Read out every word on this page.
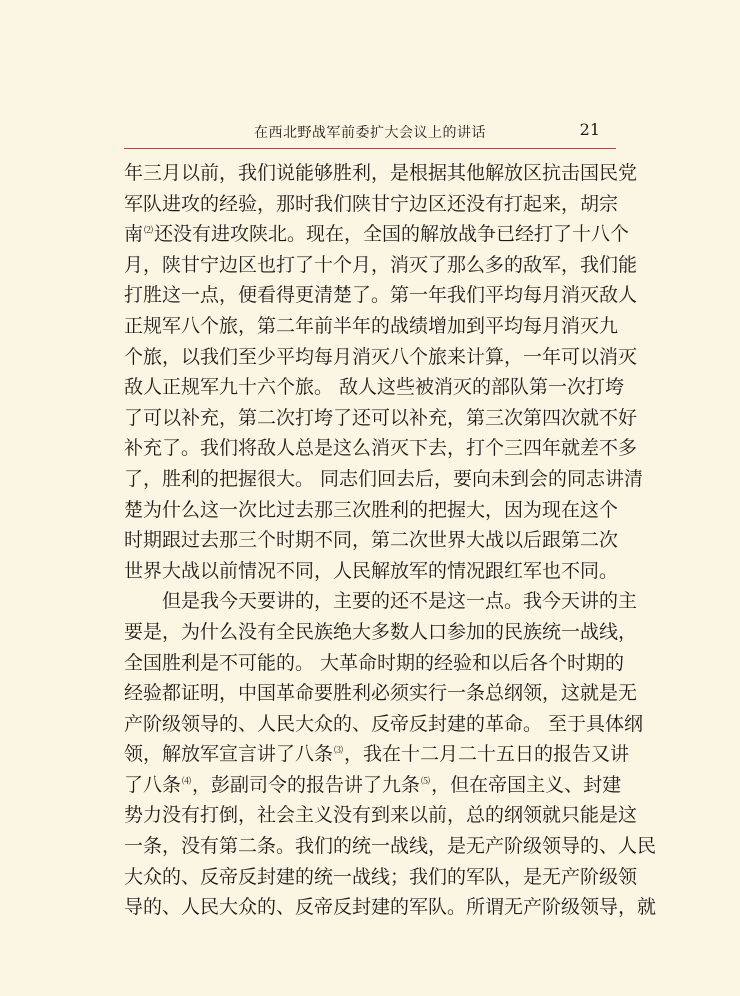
在西北野战军前委扩大会议上的讲话	21
年三月以前，我们说能够胜利，是根据其他解放区抗击国民党
军队进攻的经验，那时我们陕甘宁边区还没有打起来，胡宗
南⑵还没有进攻陕北。现在，全国的解放战争已经打了十八个
月，陕甘宁边区也打了十个月，消灭了那么多的敌军，我们能
打胜这一点，便看得更清楚了。第一年我们平均每月消灭敌人
正规军八个旅，第二年前半年的战绩增加到平均每月消灭九
个旅，以我们至少平均每月消灭八个旅来计算，一年可以消灭
敌人正规军九十六个旅。 敌人这些被消灭的部队第一次打垮
了可以补充，第二次打垮了还可以补充，第三次第四次就不好
补充了。我们将敌人总是这么消灭下去，打个三四年就差不多
了，胜利的把握很大。 同志们回去后，要向未到会的同志讲清
楚为什么这一次比过去那三次胜利的把握大，因为现在这个
时期跟过去那三个时期不同，第二次世界大战以后跟第二次
世界大战以前情况不同，人民解放军的情况跟红军也不同。
但是我今天要讲的，主要的还不是这一点。我今天讲的主
要是，为什么没有全民族绝大多数人口参加的民族统一战线，
全国胜利是不可能的。 大革命时期的经验和以后各个时期的
经验都证明，中国革命要胜利必须实行一条总纲领，这就是无
产阶级领导的、人民大众的、反帝反封建的革命。 至于具体纲
领，解放军宣言讲了八条⑶，我在十二月二十五日的报告又讲
了八条⑷，彭副司令的报告讲了九条⑸，但在帝国主义、封建
势力没有打倒，社会主义没有到来以前，总的纲领就只能是这
一条，没有第二条。我们的统一战线，是无产阶级领导的、人民
大众的、反帝反封建的统一战线；我们的军队，是无产阶级领
导的、人民大众的、反帝反封建的军队。所谓无产阶级领导，就
